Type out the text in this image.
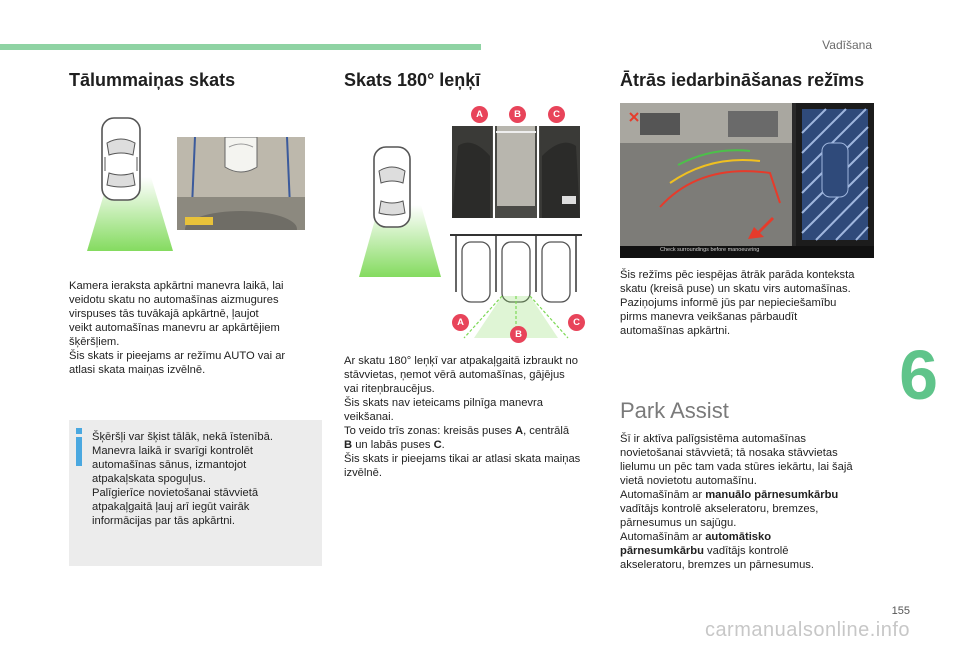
Vadīšana
6
155
carmanualsonline.info
Tālummaiņas skats
Kamera ieraksta apkārtni manevra laikā, lai
veidotu skatu no automašīnas aizmugures
virspuses tās tuvākajā apkārtnē, ļaujot
veikt automašīnas manevru ar apkārtējiem
šķēršļiem.
Šis skats ir pieejams ar režīmu AUTO vai ar
atlasi skata maiņas izvēlnē.
Šķēršļi var šķist tālāk, nekā īstenībā.
Manevra laikā ir svarīgi kontrolēt
automašīnas sānus, izmantojot
atpakaļskata spoguļus.
Palīgierīce novietošanai stāvvietā
atpakaļgaitā ļauj arī iegūt vairāk
informācijas par tās apkārtni.
Skats 180° leņķī
A	B	C
A
B
C
Ar skatu 180° leņķī var atpakaļgaitā izbraukt no
stāvvietas, ņemot vērā automašīnas, gājējus
vai riteņbraucējus.
Šis skats nav ieteicams pilnīga manevra
veikšanai.
To veido trīs zonas: kreisās puses A, centrālā
B un labās puses C.
Šis skats ir pieejams tikai ar atlasi skata maiņas
izvēlnē.
Ātrās iedarbināšanas režīms
Check surroundings before manoeuvring
Šis režīms pēc iespējas ātrāk parāda konteksta
skatu (kreisā puse) un skatu virs automašīnas.
Paziņojums informē jūs par nepieciešamību
pirms manevra veikšanas pārbaudīt
automašīnas apkārtni.
Park Assist
Šī ir aktīva palīgsistēma automašīnas
novietošanai stāvvietā; tā nosaka stāvvietas
lielumu un pēc tam vada stūres iekārtu, lai šajā
vietā novietotu automašīnu.
Automašīnām ar manuālo pārnesumkārbu
vadītājs kontrolē akseleratoru, bremzes,
pārnesumus un sajūgu.
Automašīnām ar automātisko
pārnesumkārbu vadītājs kontrolē
akseleratoru, bremzes un pārnesumus.
